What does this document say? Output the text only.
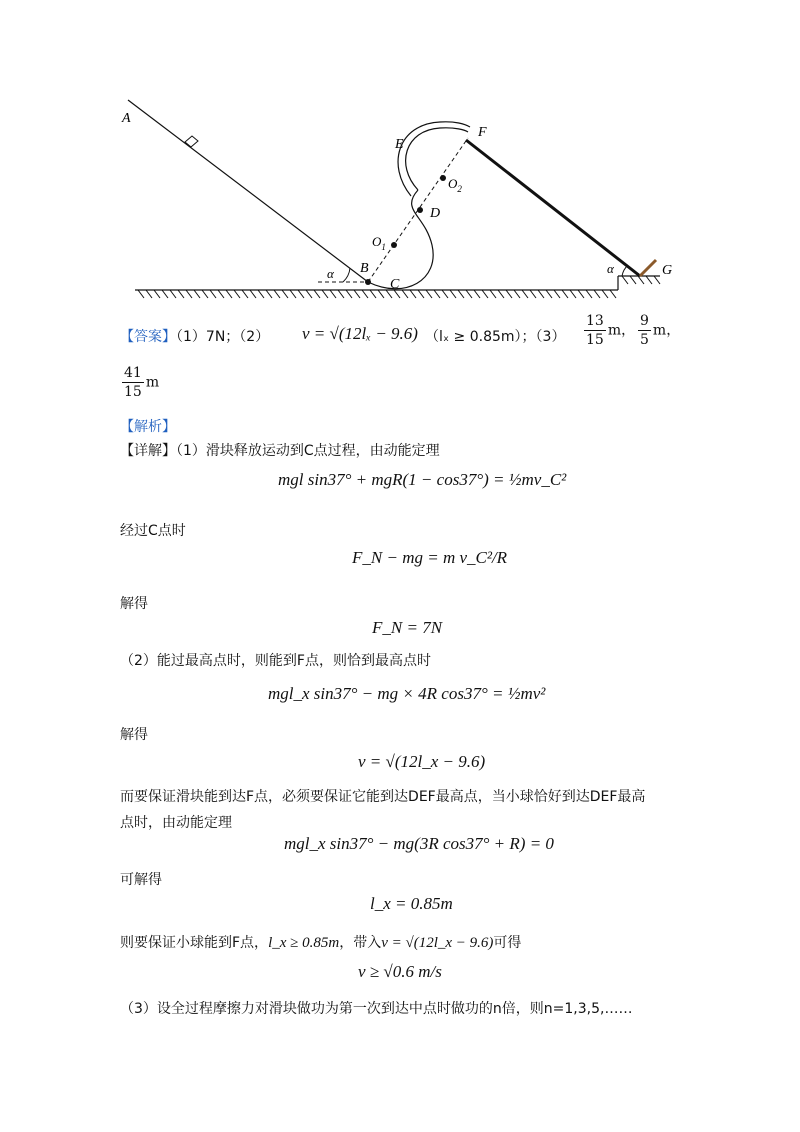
A
B
C
D
E
F
G
$O_1$
$O_2$
α	α
【答案】（1）7N；（2） v = √(12lₓ − 9.6) （lₓ ≥ 0.85m）；$(3) \frac{13}{15}$ m， $\frac{9}{5}$ m，
$\frac{41}{15}$ m
【解析】
【详解】（1）滑块释放运动到C点过程，由动能定理
mgl sin37° + mgR(1 − cos37°) = ½mv_C²
经过C点时
F_N − mg = m v_C²/R
解得
F_N = 7N
（2）能过最高点时，则能到F点，则恰到最高点时
mgl_x sin37° − mg × 4R cos37° = ½mv²
解得
v = √(12l_x − 9.6)
而要保证滑块能到达F点，必须要保证它能到达DEF最高点，当小球恰好到达DEF最高
点时，由动能定理
mgl_x sin37° − mg(3R cos37° + R) = 0
可解得
l_x = 0.85m
则要保证小球能到F点，l_x ≥ 0.85m，带入v = √(12l_x − 9.6)可得
v ≥ √0.6 m/s
（3）设全过程摩擦力对滑块做功为第一次到达中点时做功的n倍，则n=1,3,5,……
